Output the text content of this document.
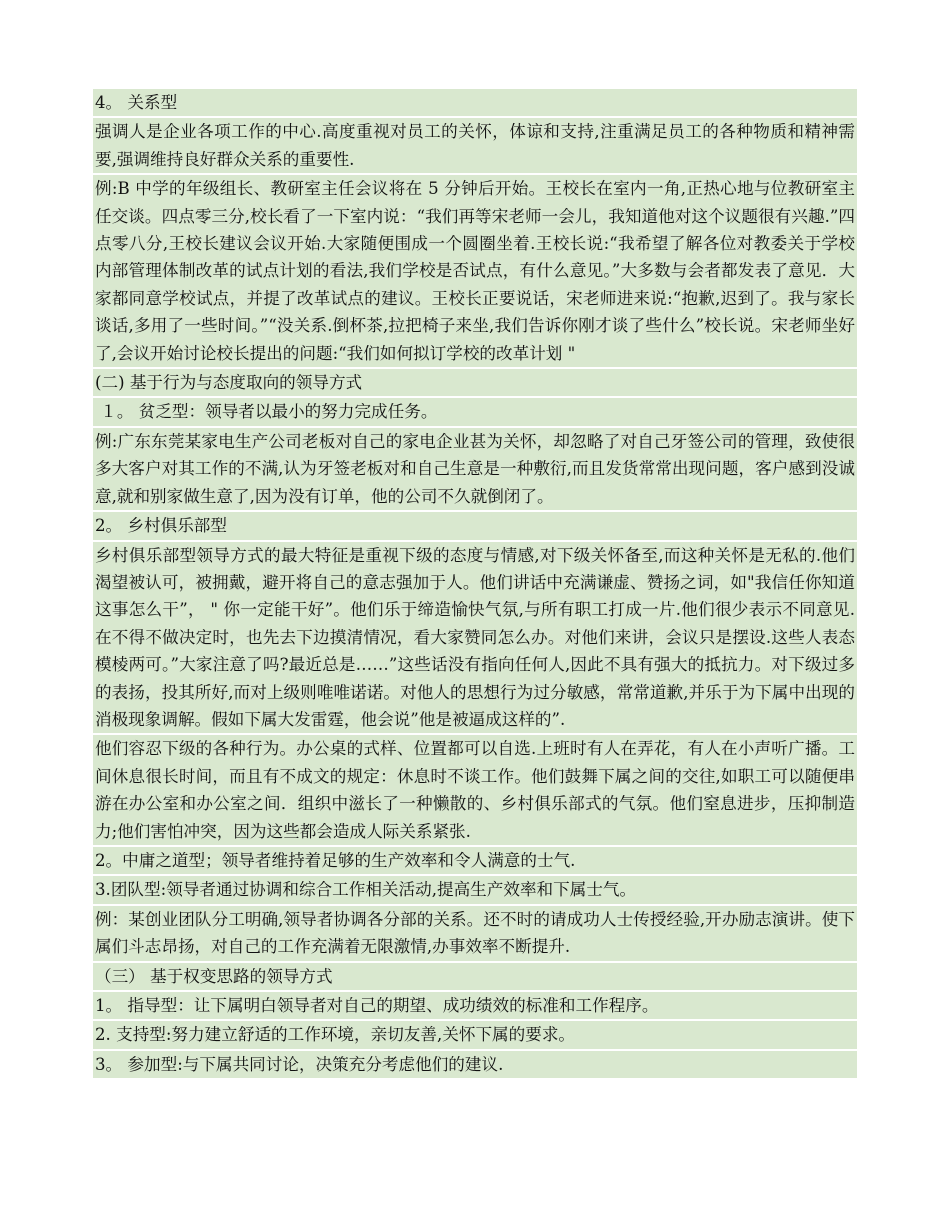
4。 关系型

强调人是企业各项工作的中心.高度重视对员工的关怀，体谅和支持,注重满足员工的各种物质和精神需要,强调维持良好群众关系的重要性.

例:B 中学的年级组长、教研室主任会议将在 5 分钟后开始。王校长在室内一角,正热心地与位教研室主任交谈。四点零三分,校长看了一下室内说：“我们再等宋老师一会儿，我知道他对这个议题很有兴趣.”四点零八分,王校长建议会议开始.大家随便围成一个圆圈坐着.王校长说:“我希望了解各位对教委关于学校内部管理体制改革的试点计划的看法,我们学校是否试点，有什么意见。”大多数与会者都发表了意见．大家都同意学校试点，并提了改革试点的建议。王校长正要说话，宋老师进来说:“抱歉,迟到了。我与家长谈话,多用了一些时间。”“没关系.倒杯茶,拉把椅子来坐,我们告诉你刚才谈了些什么”校长说。宋老师坐好了,会议开始讨论校长提出的问题:“我们如何拟订学校的改革计划 "

(二) 基于行为与态度取向的领导方式

１。 贫乏型：领导者以最小的努力完成任务。

例:广东东莞某家电生产公司老板对自己的家电企业甚为关怀，却忽略了对自己牙签公司的管理，致使很多大客户对其工作的不满,认为牙签老板对和自己生意是一种敷衍,而且发货常常出现问题，客户感到没诚意,就和别家做生意了,因为没有订单，他的公司不久就倒闭了。

2。 乡村俱乐部型

乡村俱乐部型领导方式的最大特征是重视下级的态度与情感,对下级关怀备至,而这种关怀是无私的.他们渴望被认可，被拥戴，避开将自己的意志强加于人。他们讲话中充满谦虚、赞扬之词，如"我信任你知道这事怎么干”， " 你一定能干好”。他们乐于缔造愉快气氛,与所有职工打成一片.他们很少表示不同意见.在不得不做决定时，也先去下边摸清情况，看大家赞同怎么办。对他们来讲，会议只是摆设.这些人表态模棱两可。”大家注意了吗?最近总是……”这些话没有指向任何人,因此不具有强大的抵抗力。对下级过多的表扬，投其所好,而对上级则唯唯诺诺。对他人的思想行为过分敏感，常常道歉,并乐于为下属中出现的消极现象调解。假如下属大发雷霆，他会说”他是被逼成这样的”.

他们容忍下级的各种行为。办公桌的式样、位置都可以自选.上班时有人在弄花，有人在小声听广播。工间休息很长时间，而且有不成文的规定：休息时不谈工作。他们鼓舞下属之间的交往,如职工可以随便串游在办公室和办公室之间．组织中滋长了一种懒散的、乡村俱乐部式的气氛。他们窒息进步，压抑制造力;他们害怕冲突，因为这些都会造成人际关系紧张.

2。中庸之道型；领导者维持着足够的生产效率和令人满意的士气.

3.团队型:领导者通过协调和综合工作相关活动,提高生产效率和下属士气。

例：某创业团队分工明确,领导者协调各分部的关系。还不时的请成功人士传授经验,开办励志演讲。使下属们斗志昂扬，对自己的工作充满着无限激情,办事效率不断提升.

（三） 基于权变思路的领导方式

1。 指导型：让下属明白领导者对自己的期望、成功绩效的标准和工作程序。

2. 支持型:努力建立舒适的工作环境，亲切友善,关怀下属的要求。

3。 参加型:与下属共同讨论，决策充分考虑他们的建议.
